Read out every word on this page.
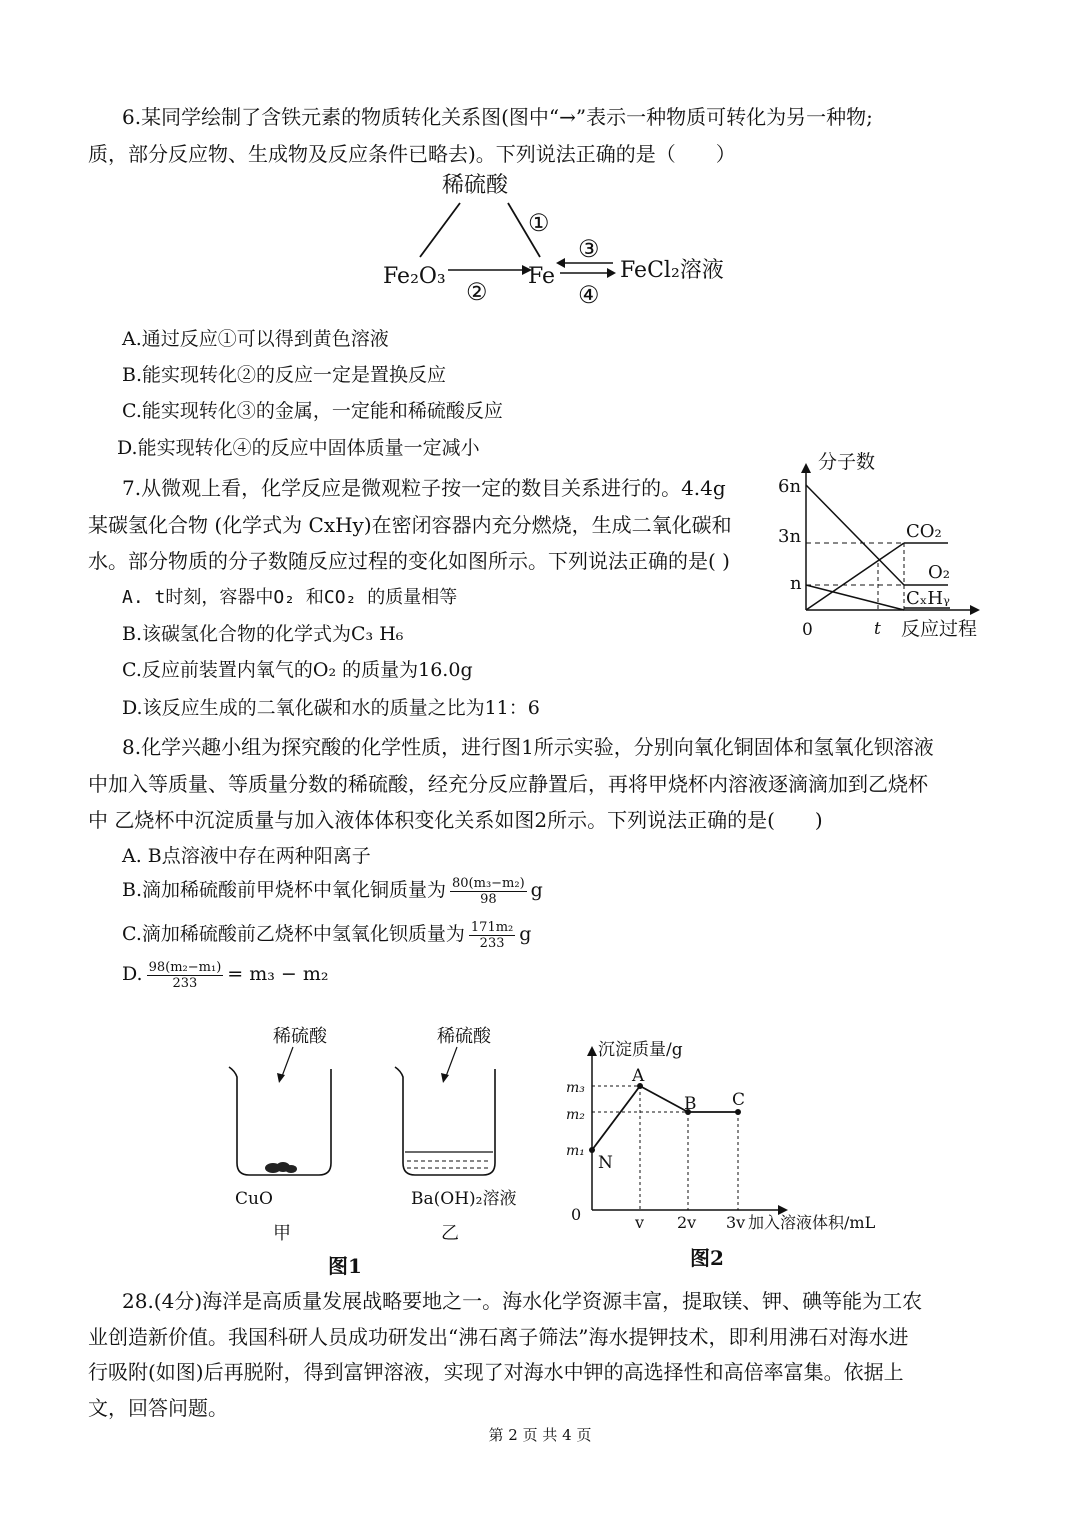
6.某同学绘制了含铁元素的物质转化关系图(图中“→”表示一种物质可转化为另一种物;
质，部分反应物、生成物及反应条件已略去)。下列说法正确的是（　　）
稀硫酸
①
Fe₂O₃
②
Fe
③
④
FeCl₂溶液
A.通过反应①可以得到黄色溶液
B.能实现转化②的反应一定是置换反应
C.能实现转化③的金属，一定能和稀硫酸反应
D.能实现转化④的反应中固体质量一定减小
7.从微观上看，化学反应是微观粒子按一定的数目关系进行的。4.4g
某碳氢化合物 (化学式为 CxHy)在密闭容器内充分燃烧，生成二氧化碳和
水。部分物质的分子数随反应过程的变化如图所示。下列说法正确的是( )
分子数
6n
3n
n
0	t 反应过程
CO₂
O₂
CₓHᵧ
A. t时刻，容器中O₂ 和CO₂ 的质量相等
B.该碳氢化合物的化学式为C₃ H₆
C.反应前装置内氧气的O₂ 的质量为16.0g
D.该反应生成的二氧化碳和水的质量之比为11：6
8.化学兴趣小组为探究酸的化学性质，进行图1所示实验，分别向氧化铜固体和氢氧化钡溶液
中加入等质量、等质量分数的稀硫酸，经充分反应静置后，再将甲烧杯内溶液逐滴滴加到乙烧杯
中 乙烧杯中沉淀质量与加入液体体积变化关系如图2所示。下列说法正确的是(　　)
A. B点溶液中存在两种阳离子
B.滴加稀硫酸前甲烧杯中氧化铜质量为 $\frac{\text{80(m₃−m₂)}}{98}$ g
C.滴加稀硫酸前乙烧杯中氢氧化钡质量为 $\frac{\text{171m₂}}{233}$ g
D. $\frac{\text{98(m₂−m₁)}}{233} = m_3 - m_2$
稀硫酸
CuO
甲
稀硫酸
Ba(OH)₂溶液
乙
图1
沉淀质量/g
m₃
m₂
m₁
0
A
B C
N
v 2v 3v 加入溶液体积/mL
图2
28.(4分)海洋是高质量发展战略要地之一。海水化学资源丰富，提取镁、钾、碘等能为工农
业创造新价值。我国科研人员成功研发出“沸石离子筛法”海水提钾技术，即利用沸石对海水进
行吸附(如图)后再脱附，得到富钾溶液，实现了对海水中钾的高选择性和高倍率富集。依据上
文，回答问题。
第 2 页 共 4 页
